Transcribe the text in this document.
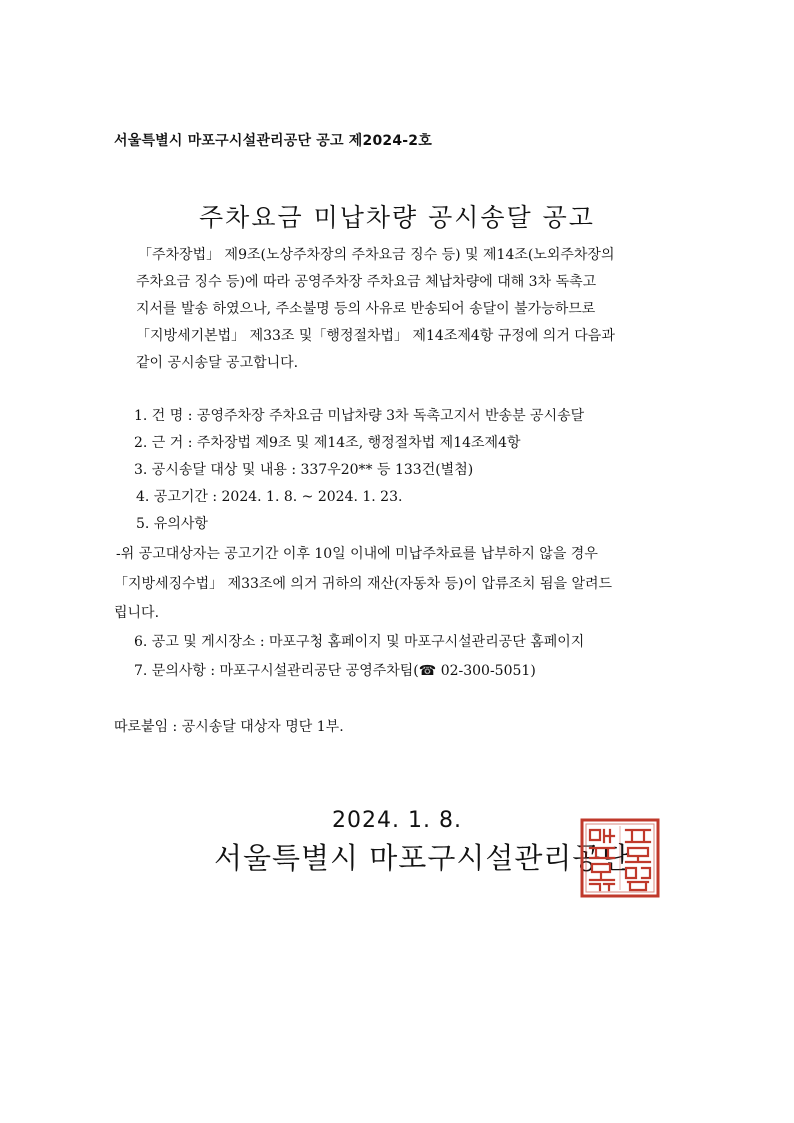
서울특별시 마포구시설관리공단 공고 제2024-2호
주차요금 미납차량 공시송달 공고
「주차장법」 제9조(노상주차장의 주차요금 징수 등) 및 제14조(노외주차장의
주차요금 징수 등)에 따라 공영주차장 주차요금 체납차량에 대해 3차 독촉고
지서를 발송 하였으나, 주소불명 등의 사유로 반송되어 송달이 불가능하므로
「지방세기본법」 제33조 및「행정절차법」 제14조제4항 규정에 의거 다음과
같이 공시송달 공고합니다.
1. 건 명 : 공영주차장 주차요금 미납차량 3차 독촉고지서 반송분 공시송달
2. 근 거 : 주차장법 제9조 및 제14조, 행정절차법 제14조제4항
3. 공시송달 대상 및 내용 : 337우20** 등 133건(별첨)
4. 공고기간 : 2024. 1. 8. ~ 2024. 1. 23.
5. 유의사항
-위 공고대상자는 공고기간 이후 10일 이내에 미납주차료를 납부하지 않을 경우
「지방세징수법」 제33조에 의거 귀하의 재산(자동차 등)이 압류조치 됨을 알려드
립니다.
6. 공고 및 게시장소 : 마포구청 홈페이지 및 마포구시설관리공단 홈페이지
7. 문의사항 : 마포구시설관리공단 공영주차팀(☎ 02-300-5051)
따로붙임 : 공시송달 대상자 명단 1부.
2024. 1. 8.
서울특별시 마포구시설관리공단
